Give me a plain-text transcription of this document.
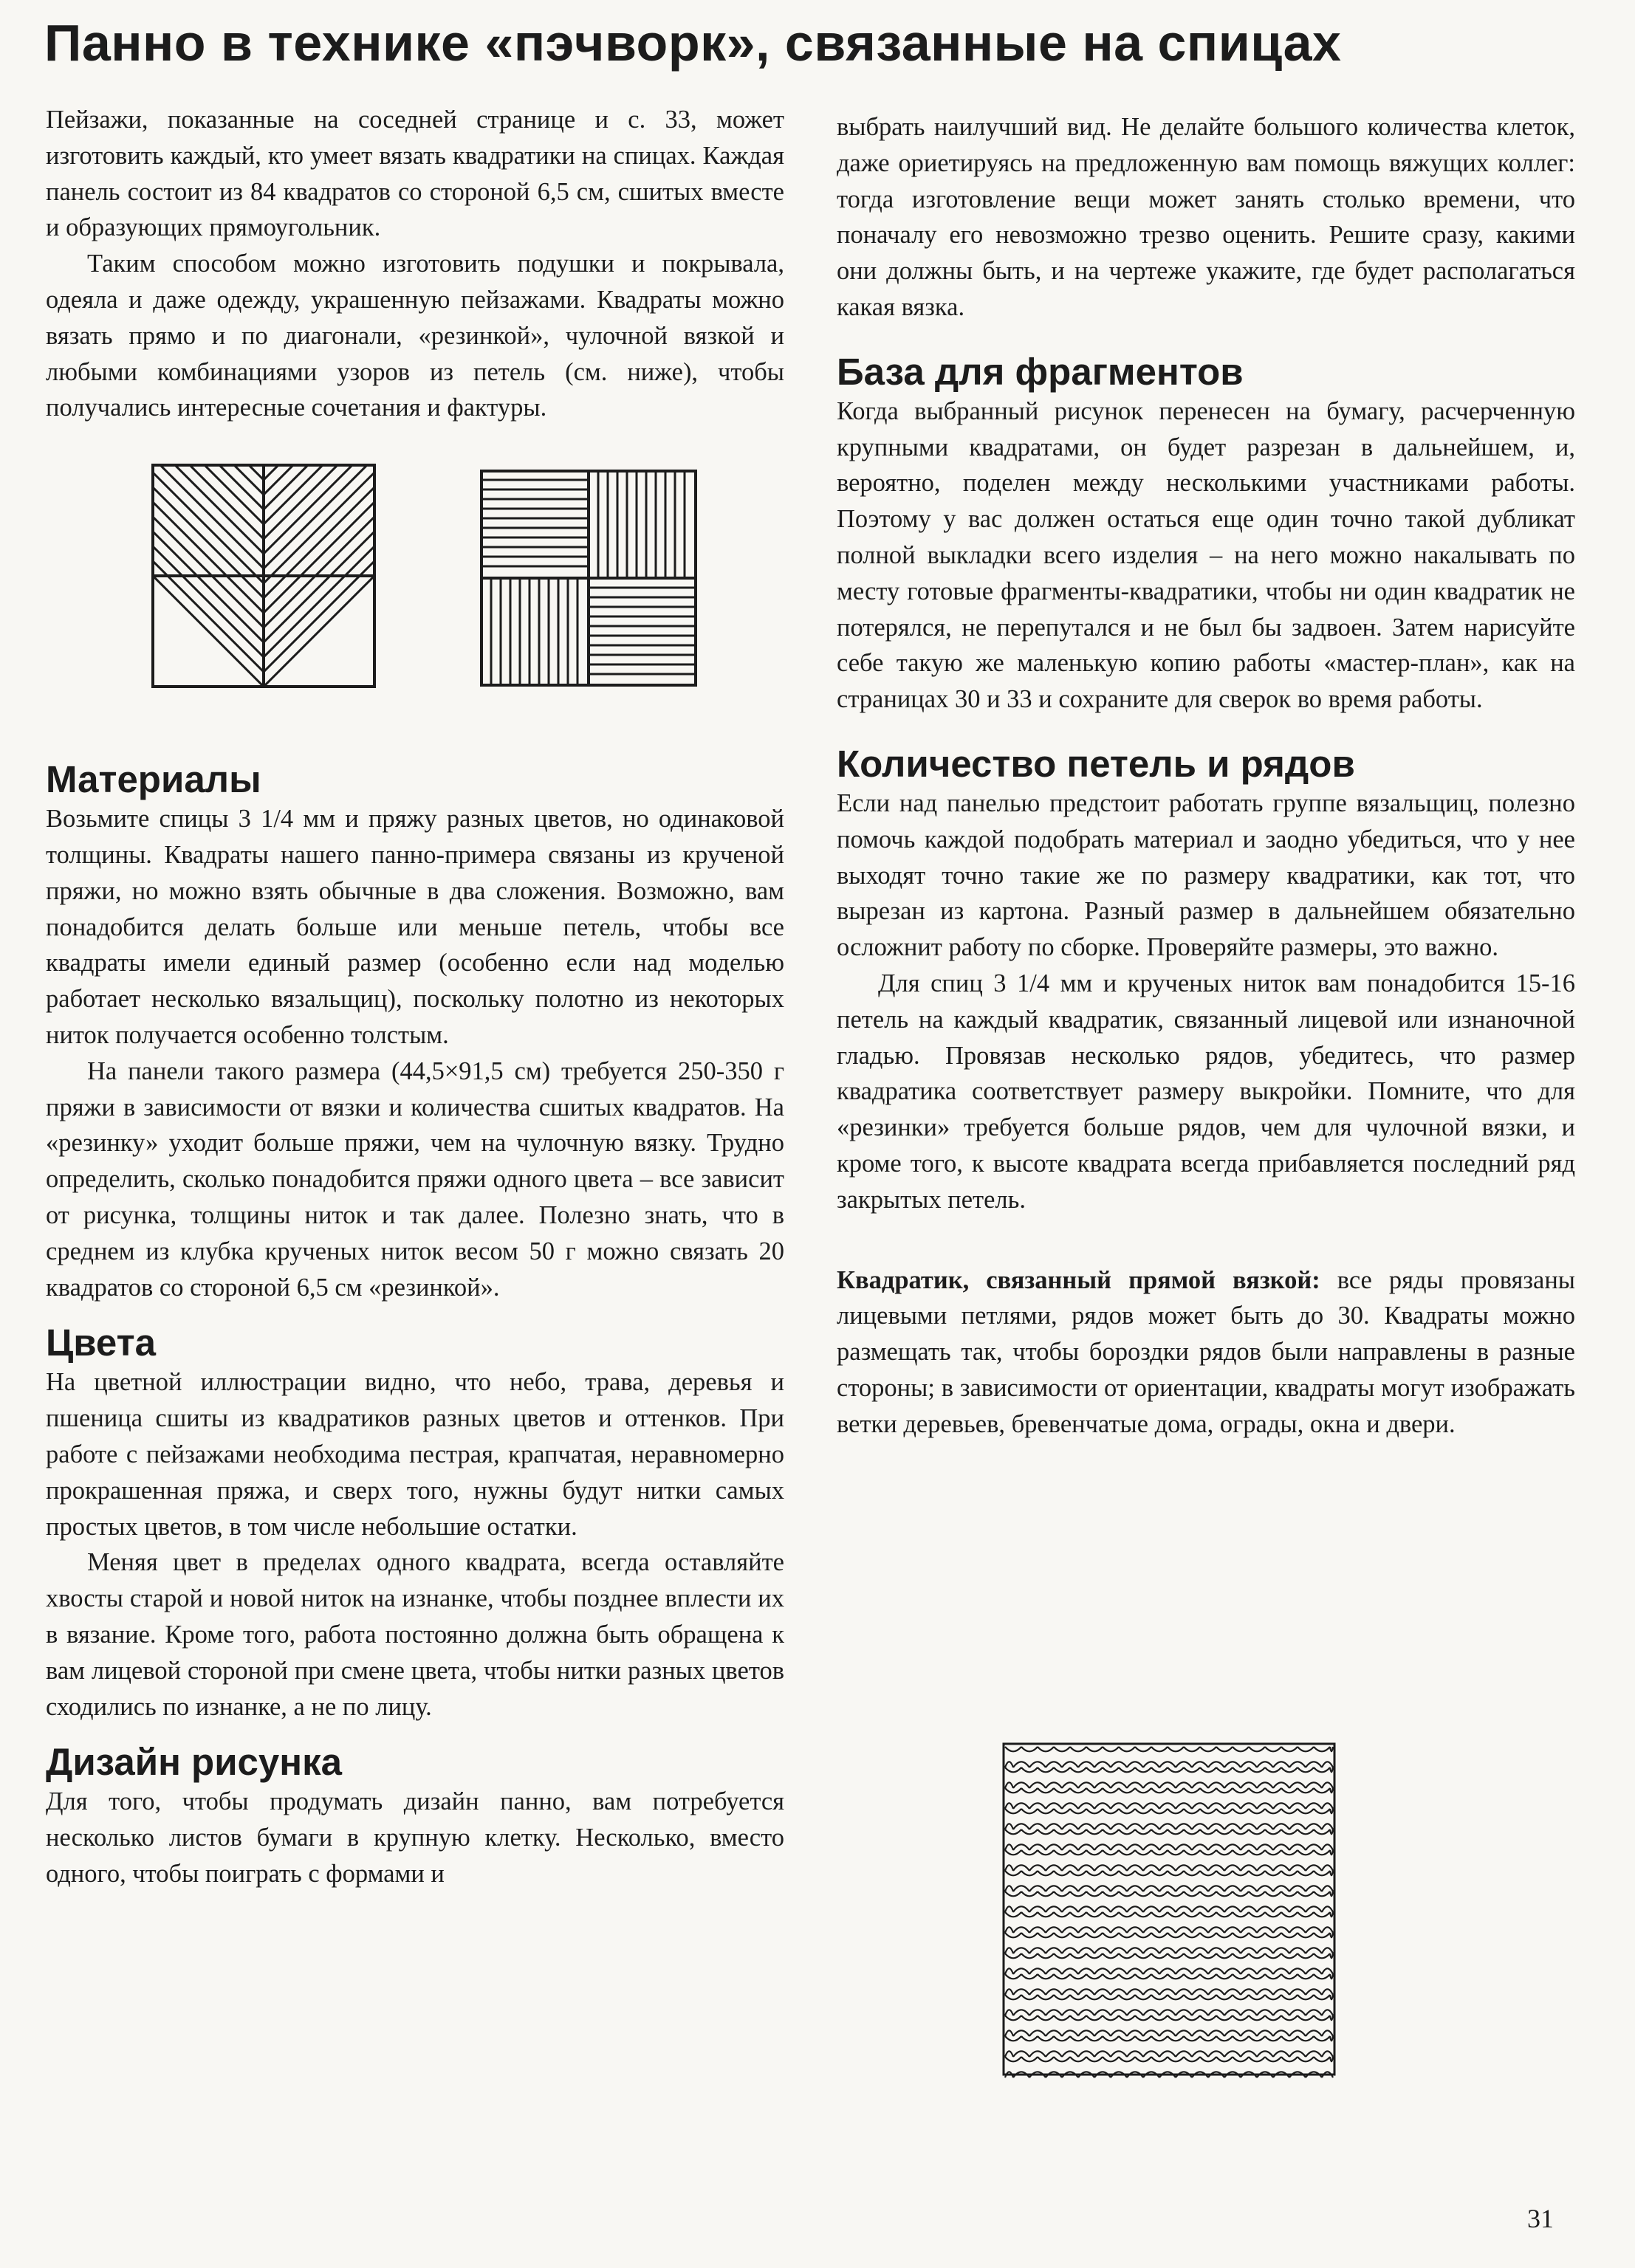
Панно в технике «пэчворк», связанные на спицах

Пейзажи, показанные на соседней странице и с. 33, может изготовить каждый, кто умеет вязать квадратики на спицах. Каждая панель состоит из 84 квадратов со стороной 6,5 см, сшитых вместе и образующих прямоугольник.

Таким способом можно изготовить подушки и покрывала, одеяла и даже одежду, украшенную пейзажами. Квадраты можно вязать прямо и по диагонали, «резинкой», чулочной вязкой и любыми комбинациями узоров из петель (см. ниже), чтобы получались интересные сочетания и фактуры.

Материалы

Возьмите спицы 3 1/4 мм и пряжу разных цветов, но одинаковой толщины. Квадраты нашего панно-примера связаны из крученой пряжи, но можно взять обычные в два сложения. Возможно, вам понадобится делать больше или меньше петель, чтобы все квадраты имели единый размер (особенно если над моделью работает несколько вязальщиц), поскольку полотно из некоторых ниток получается особенно толстым.

На панели такого размера (44,5×91,5 см) требуется 250-350 г пряжи в зависимости от вязки и количества сшитых квадратов. На «резинку» уходит больше пряжи, чем на чулочную вязку. Трудно определить, сколько понадобится пряжи одного цвета – все зависит от рисунка, толщины ниток и так далее. Полезно знать, что в среднем из клубка крученых ниток весом 50 г можно связать 20 квадратов со стороной 6,5 см «резинкой».

Цвета

На цветной иллюстрации видно, что небо, трава, деревья и пшеница сшиты из квадратиков разных цветов и оттенков. При работе с пейзажами необходима пестрая, крапчатая, неравномерно прокрашенная пряжа, и сверх того, нужны будут нитки самых простых цветов, в том числе небольшие остатки.

Меняя цвет в пределах одного квадрата, всегда оставляйте хвосты старой и новой ниток на изнанке, чтобы позднее вплести их в вязание. Кроме того, работа постоянно должна быть обращена к вам лицевой стороной при смене цвета, чтобы нитки разных цветов сходились по изнанке, а не по лицу.

Дизайн рисунка

Для того, чтобы продумать дизайн панно, вам потребуется несколько листов бумаги в крупную клетку. Несколько, вместо одного, чтобы поиграть с формами и

выбрать наилучший вид. Не делайте большого количества клеток, даже ориетируясь на предложенную вам помощь вяжущих коллег: тогда изготовление вещи может занять столько времени, что поначалу его невозможно трезво оценить. Решите сразу, какими они должны быть, и на чертеже укажите, где будет располагаться какая вязка.

База для фрагментов

Когда выбранный рисунок перенесен на бумагу, расчерченную крупными квадратами, он будет разрезан в дальнейшем, и, вероятно, поделен между несколькими участниками работы. Поэтому у вас должен остаться еще один точно такой дубликат полной выкладки всего изделия – на него можно накалывать по месту готовые фрагменты-квадратики, чтобы ни один квадратик не потерялся, не перепутался и не был бы задвоен. Затем нарисуйте себе такую же маленькую копию работы «мастер-план», как на страницах 30 и 33 и сохраните для сверок во время работы.

Количество петель и рядов

Если над панелью предстоит работать группе вязальщиц, полезно помочь каждой подобрать материал и заодно убедиться, что у нее выходят точно такие же по размеру квадратики, как тот, что вырезан из картона. Разный размер в дальнейшем обязательно осложнит работу по сборке. Проверяйте размеры, это важно.

Для спиц 3 1/4 мм и крученых ниток вам понадобится 15-16 петель на каждый квадратик, связанный лицевой или изнаночной гладью. Провязав несколько рядов, убедитесь, что размер квадратика соответствует размеру выкройки. Помните, что для «резинки» требуется больше рядов, чем для чулочной вязки, и кроме того, к высоте квадрата всегда прибавляется последний ряд закрытых петель.

Квадратик, связанный прямой вязкой: все ряды провязаны лицевыми петлями, рядов может быть до 30. Квадраты можно размещать так, чтобы бороздки рядов были направлены в разные стороны; в зависимости от ориентации, квадраты могут изображать ветки деревьев, бревенчатые дома, ограды, окна и двери.

31
